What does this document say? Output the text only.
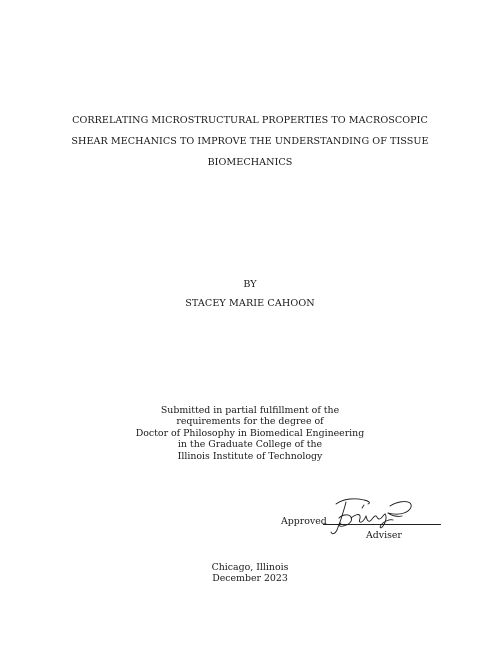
CORRELATING MICROSTRUCTURAL PROPERTIES TO MACROSCOPIC
SHEAR MECHANICS TO IMPROVE THE UNDERSTANDING OF TISSUE
BIOMECHANICS
BY
STACEY MARIE CAHOON
Submitted in partial fulfillment of the
requirements for the degree of
Doctor of Philosophy in Biomedical Engineering
in the Graduate College of the
Illinois Institute of Technology
Approved
Adviser
Chicago, Illinois
December 2023
